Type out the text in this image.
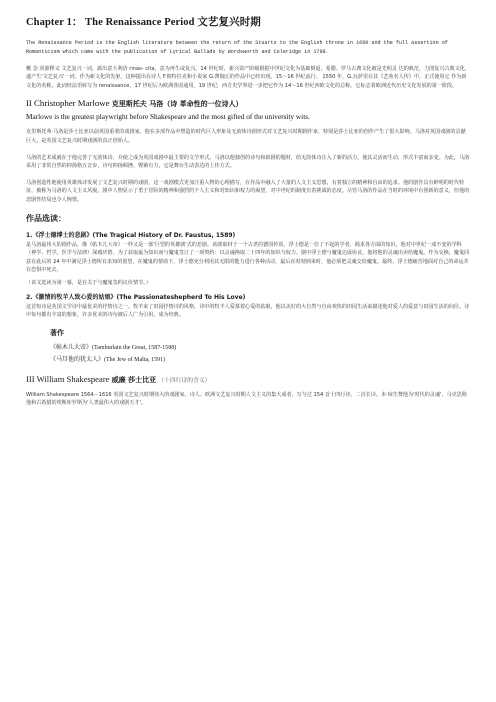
Chapter 1： The Renaissance Period 文艺复兴时期

The Renaissance Period is the English literature between the return of the Stuarts to the English throne in 1660 and the full assertion of Romanticism which came with the publication of Lyrical Ballads by Wordsworth and Coleridge in 1798.

概 念 同源释义 文艺复兴一词，源出意大利语 rinas- cita，意为再生或复兴。14 世纪时，新兴资产阶级根据中世纪文化为基础倒退，希腊、罗马古典文化被是光明灵 达的典范，力图复兴古典文化，遂产生'文艺复兴'一词。作为新文化的先驱，这种提出在诗人 F.彼特拉克和小说家 G.薄伽丘的作品中已经出现。15～16 世纪流行。 1550 年，G.瓦萨里在其《艺苑名人传》中，正式使用它 作为新文化的名称。此词经法语转写为 renaissance，17 世纪后为欧洲各国通用。19 世纪，西方史学界进一步把它作为 14～16 世纪西欧文化的总称。它标志着欧洲近代历史文化发展的第一阶段。

II Christopher Marlowe 克里斯托夫 马洛（诗 革命性的一位诗人）
Marlowe is the greatest playwright before Shakespeare and the most gifted of the university wits.

克里斯托弗·马洛是莎士比亚以前英国重要的戏剧家，他在多部作品中塑造的时代巨人形象及无韵体诗剧形式对文艺复兴时期剧作家，特别是莎士比亚的创作产生了很大影响。马洛对英国戏剧的贡献巨大，是英国文艺复兴时期戏剧的真正创始人。

马洛的艺术成就在于他完善了无韵体诗，并使之成为英国戏剧中最主要的文学形式。马洛以他独创的诗句和新剧的题材，给无韵体诗注入了新的活力，使其灵活而生动，形式丰富而多变。为此，马洛采用了非常自然的抑扬格五音步，诗句抑扬顿挫，铿锵有力，它是舞台生动表达的上佳方式。

马洛创造性地使用英雄体诗发展了文艺复兴时期的戏剧，这一戏剧模式更加注重人物的心理描写，在作品中融入了大量的人文主义思想，有着独立的精神和自由的追求。他的剧作具有鲜明的时代特征，被称为马洛的人文主义风貌，剧中人物显示了勇于冒险的精神和强烈的个人主义和对知识和权力的渴望，对中世纪的制度有着挑战的态度。尽管马洛的作品在当时的环境中有创新的意义，但他的悲剧性结局也令人惋惜。

作品选读：
1.《浮士德博士的悲剧》(The Tragical History of Dr. Faustus, 1589)

是马洛最伟大的剧作品，像《帖木儿大帝》一样又是一部'巨型的英雄剧'式的悲剧。该剧取材于一个古老的德国传说，浮士德是一位了不起的学者，渴求各方面的知识，他对中世纪一成不变的学科（神学、哲学、医学与法律）深感厌倦，为了获取最为知识而与魔鬼签订了一项契约：以灵魂换取二十四年的知识与权力。剧中浮士德与魔鬼达成协议，他将他的灵魂出卖给魔鬼。作为交换，魔鬼同意在此后的 24 年中满足浮士德所有求知的愿望，在魔鬼的帮助下，浮士德充分利用其无限的能力进行各种活动，最后在时刻到来时，他必须把灵魂交给魔鬼。最终，浮士德痛苦地面对自己的命运并在恐惧中死去。

（该文选读为第一幕，是有关于与魔鬼签约议价情节。）

2.《激情的牧羊人致心爱的姑娘》(The Passionateshepherd To His Love)

这首短诗是英国文学诗中最优美的抒情诗之一。牧羊来了田园抒情诗的风格，诗中的牧羊人爱慕着心爱的姑娘，他以美好的大自然与自由欢快的田园生活来描述他对爱人的爱意与田园生活的向往。诗中每句都有丰富的想象，许多优美的诗句被后人广为引用，成为经典。

著作
《帖木儿大帝》(Tamburlain the Great, 1587-1588)
《马耳他的犹太人》(The Jew of Malta, 1591)
III William Shakespeare 威廉 莎士比亚 （十四行诗的含义）

William Shakespeare 1564－1616 英国文艺复兴时期伟大的戏剧家、诗人。欧洲文艺复兴时期人文主义的集大成者，写与过 154 首十四行诗，二首长诗。本·琼生赞他为'时代的灵魂'，马克思称他和古希腊的埃斯库罗斯为'人类最伟大的戏剧天才'。
